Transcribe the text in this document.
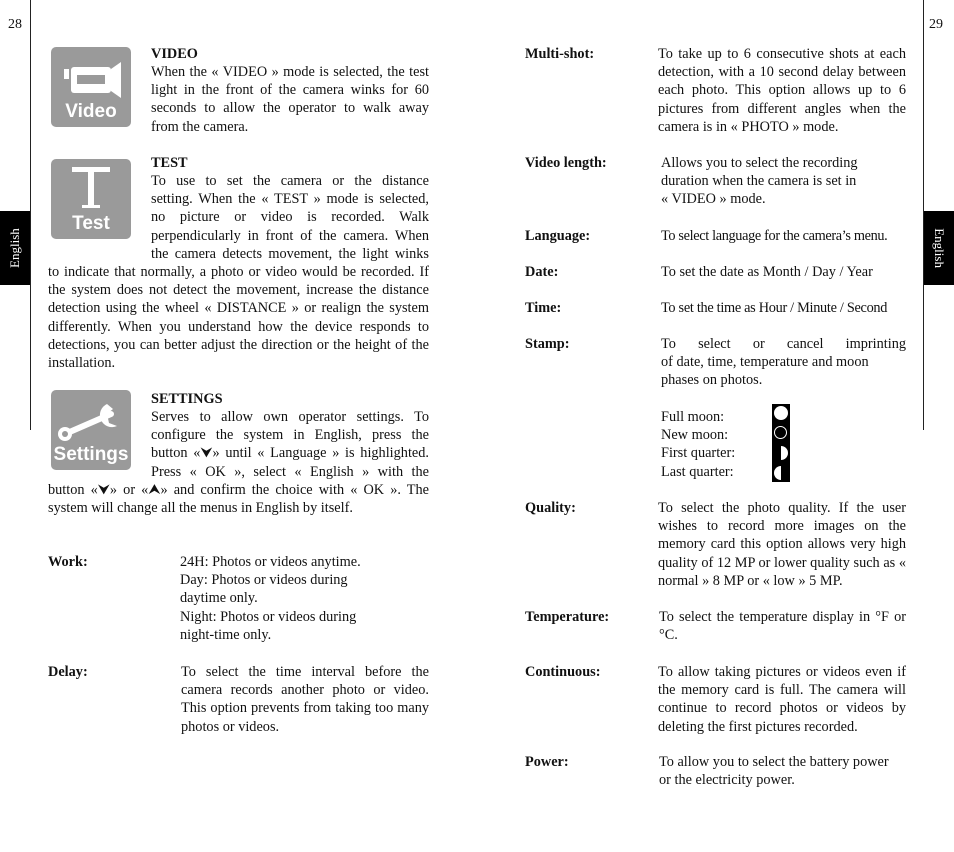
28	29
English	English
Video
VIDEO
When the « VIDEO » mode is selected, the test light in the front of the camera winks for 60 seconds to allow the operator to walk away from the camera.
Test
TEST
To use to set the camera or the distance
setting. When the « TEST » mode is selected,
no picture or video is recorded. Walk
perpendicularly in front of the camera. When
the camera detects movement, the light winks
to indicate that normally, a photo or video would be recorded. If the system does not detect the movement, increase the distance detection using the wheel « DISTANCE » or realign the system differently. When you understand how the device responds to detections, you can better adjust the direction or the height of the installation.
Settings
SETTINGS
Serves to allow own operator settings. To
configure the system in English, press the
button «⮟» until « Language » is highlighted.
Press « OK », select « English » with the
button «⮟» or «⮝» and confirm the choice with « OK ». The system will change all the menus in English by itself.
Work:	24H: Photos or videos anytime.
Day: Photos or videos during
daytime only.
Night: Photos or videos during
night-time only.
Delay:	To select the time interval before the camera records another photo or video. This option prevents from taking too many photos or videos.
Multi-shot:	To take up to 6 consecutive shots at each detection, with a 10 second delay between each photo. This option allows up to 6 pictures from different angles when the camera is in « PHOTO » mode.
Video length:	Allows you to select the recording
duration when the camera is set in
« VIDEO » mode.
Language:	To select language for the camera’s menu.
Date:	To set the date as Month / Day / Year
Time:	To set the time as Hour / Minute / Second
Stamp:	To select or cancel imprinting
of date, time, temperature and moon
phases on photos.
Full moon:
New moon:
First quarter:
Last quarter:
Quality:	To select the photo quality. If the user wishes to record more images on the memory card this option allows very high quality of 12 MP or lower quality such as « normal » 8 MP or « low » 5 MP.
Temperature:	To select the temperature display in °F or °C.
Continuous:	To allow taking pictures or videos even if the memory card is full. The camera will continue to record photos or videos by deleting the first pictures recorded.
Power:	To allow you to select the battery power
or the electricity power.
